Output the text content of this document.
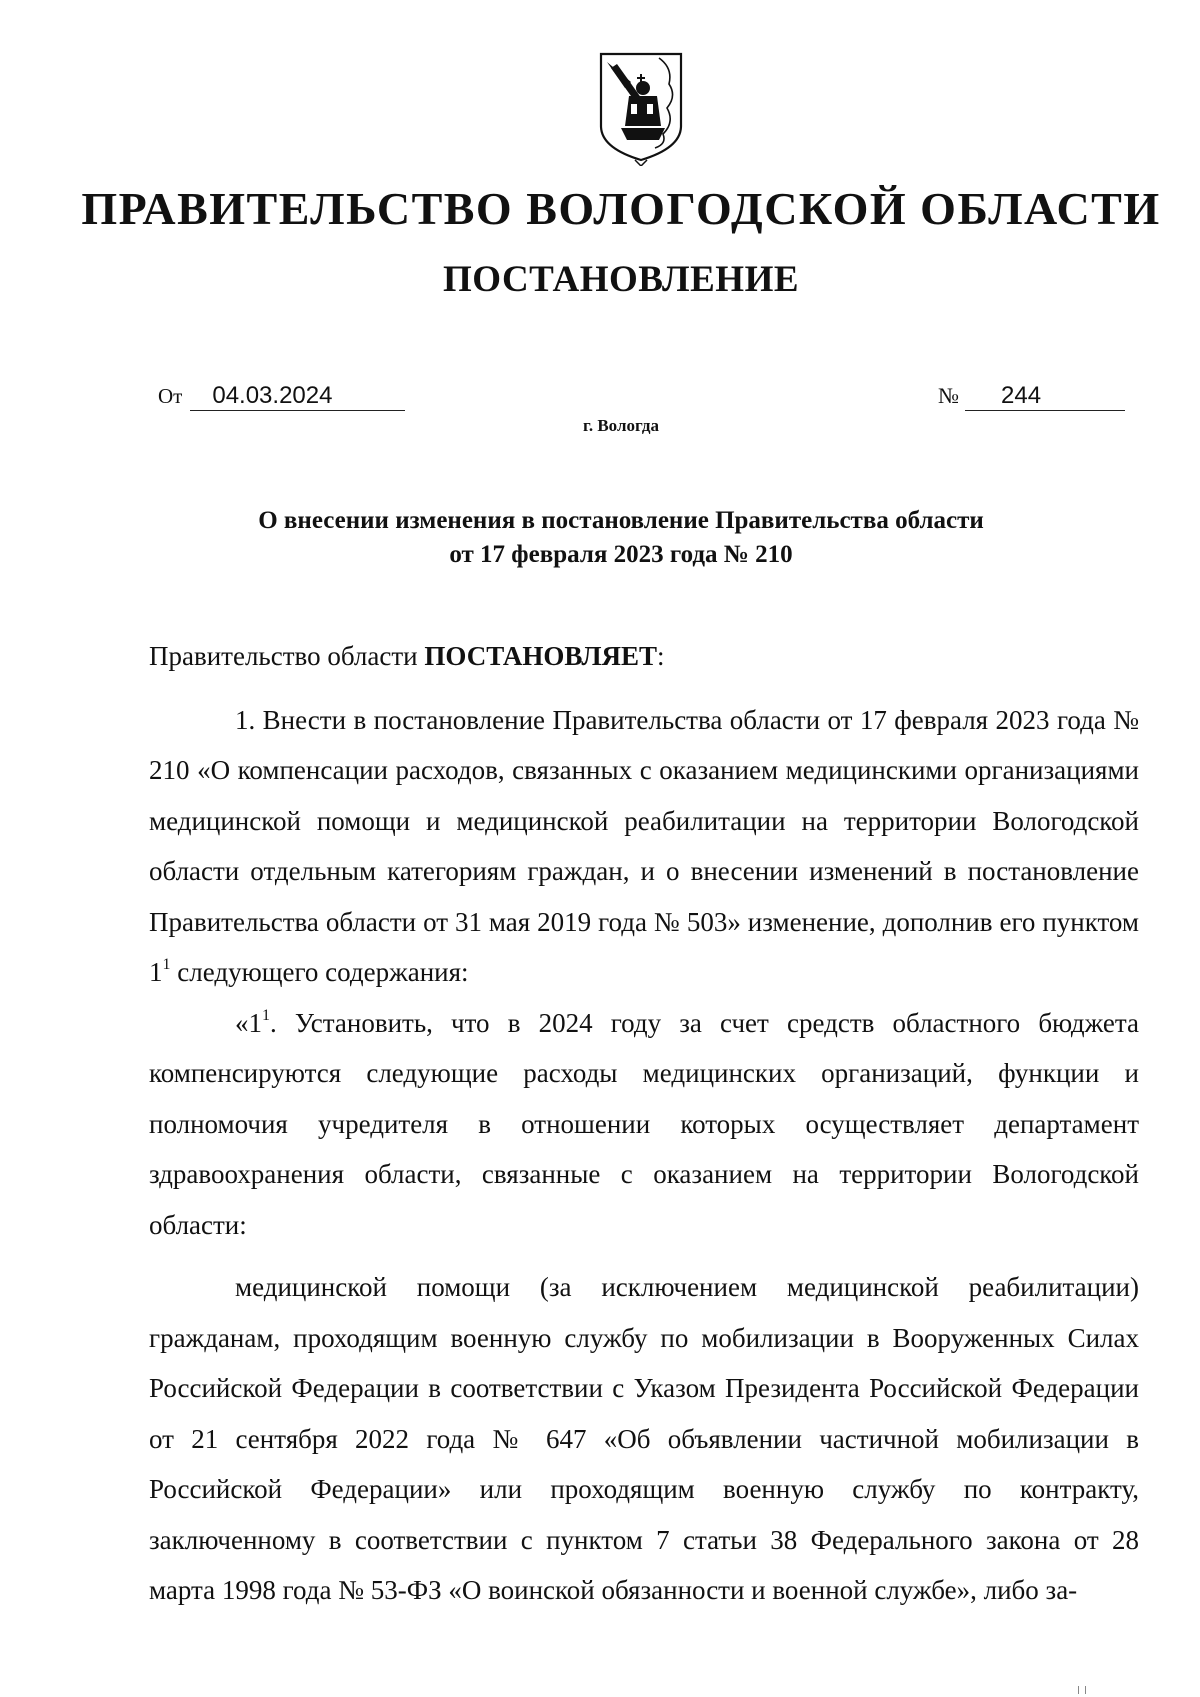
ПРАВИТЕЛЬСТВО ВОЛОГОДСКОЙ ОБЛАСТИ
ПОСТАНОВЛЕНИЕ
От 04.03.2024	№ 244
г. Вологда
О внесении изменения в постановление Правительства области
от 17 февраля 2023 года № 210

Правительство области ПОСТАНОВЛЯЕТ:

1. Внести в постановление Правительства области от 17 февраля 2023 года № 210 «О компенсации расходов, связанных с оказанием медицинскими организациями медицинской помощи и медицинской реабилитации на территории Вологодской области отдельным категориям граждан, и о внесении изменений в постановление Правительства области от 31 мая 2019 года № 503» изменение, дополнив его пунктом $1^1$ следующего содержания:

«$1^1$. Установить, что в 2024 году за счет средств областного бюджета компенсируются следующие расходы медицинских организаций, функции и полномочия учредителя в отношении которых осуществляет департамент здравоохранения области, связанные с оказанием на территории Вологодской области:

медицинской помощи (за исключением медицинской реабилитации) гражданам, проходящим военную службу по мобилизации в Вооруженных Силах Российской Федерации в соответствии с Указом Президента Российской Федерации от 21 сентября 2022 года № 647 «Об объявлении частичной мобилизации в Российской Федерации» или проходящим военную службу по контракту, заключенному в соответствии с пунктом 7 статьи 38 Федерального закона от 28 марта 1998 года № 53-ФЗ «О воинской обязанности и военной службе», либо за-
